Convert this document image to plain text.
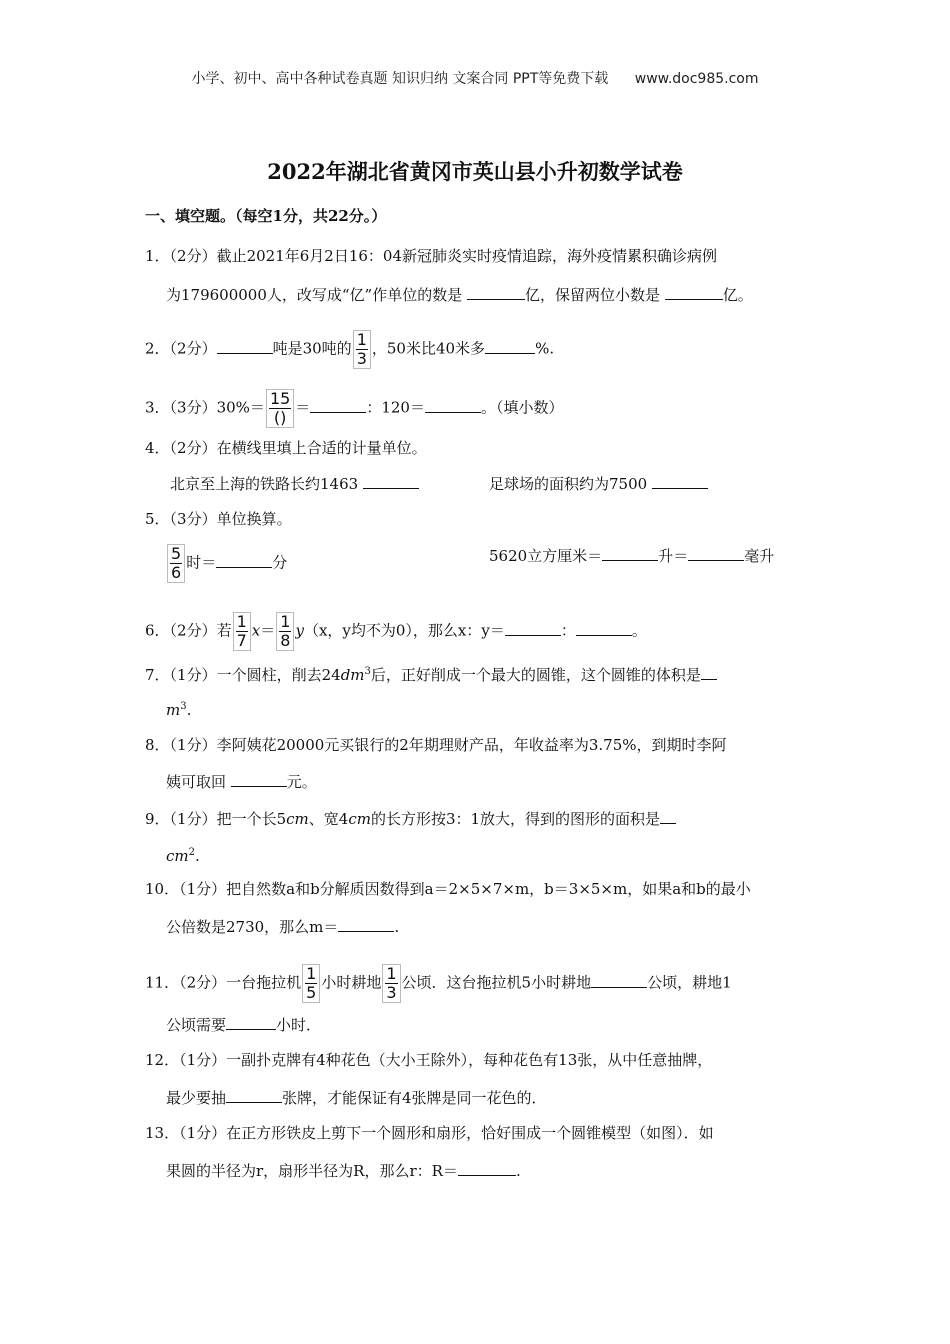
小学、初中、高中各种试卷真题 知识归纳 文案合同 PPT等免费下载 www.doc985.com
2022年湖北省黄冈市英山县小升初数学试卷
一、填空题。（每空1分，共22分。）
1．（2分）截止2021年6月2日16：04新冠肺炎实时疫情追踪，海外疫情累积确诊病例
为179600000人，改写成“亿”作单位的数是	亿，保留两位小数是	亿。
2．（2分）	吨是30吨的 $\frac{1}{3}$ ，50米比40米多	%.
3．（3分）$30\%= \frac{15}{()}$ ＝	：120＝	。（填小数）
4．（2分）在横线里填上合适的计量单位。
北京至上海的铁路长约1463	足球场的面积约为7500
5．（3分）单位换算。
$\frac{5}{6}$ 时＝	分	5620立方厘米＝	升＝	毫升
6．（2分）若 $\frac{1}{7} x= \frac{1}{8} y(x$，y均不为0），那么x：y＝	：	。
7．（1分）一个圆柱，削去$24dm^3$后，正好削成一个最大的圆锥，这个圆锥的体积是
$m^3$.
8．（1分）李阿姨花20000元买银行的2年期理财产品，年收益率为3.75%，到期时李阿
姨可取回	元。
9．（1分）把一个长5cm、宽4cm的长方形按3：1放大，得到的图形的面积是
$cm^2$.
10．（1分）把自然数a和b分解质因数得到a＝2×5×7×m，b＝3×5×m，如果a和b的最小
公倍数是2730，那么m＝	.
11．（2分）一台拖拉机 $\frac{1}{5}$ 小时耕地 $\frac{1}{3}$ 公顷．这台拖拉机5小时耕地	公顷，耕地1
公顷需要	小时．
12．（1分）一副扑克牌有4种花色（大小王除外），每种花色有13张，从中任意抽牌，
最少要抽	张牌，才能保证有4张牌是同一花色的．
13．（1分）在正方形铁皮上剪下一个圆形和扇形，恰好围成一个圆锥模型（如图）．如
果圆的半径为r，扇形半径为R，那么r：R＝	.
